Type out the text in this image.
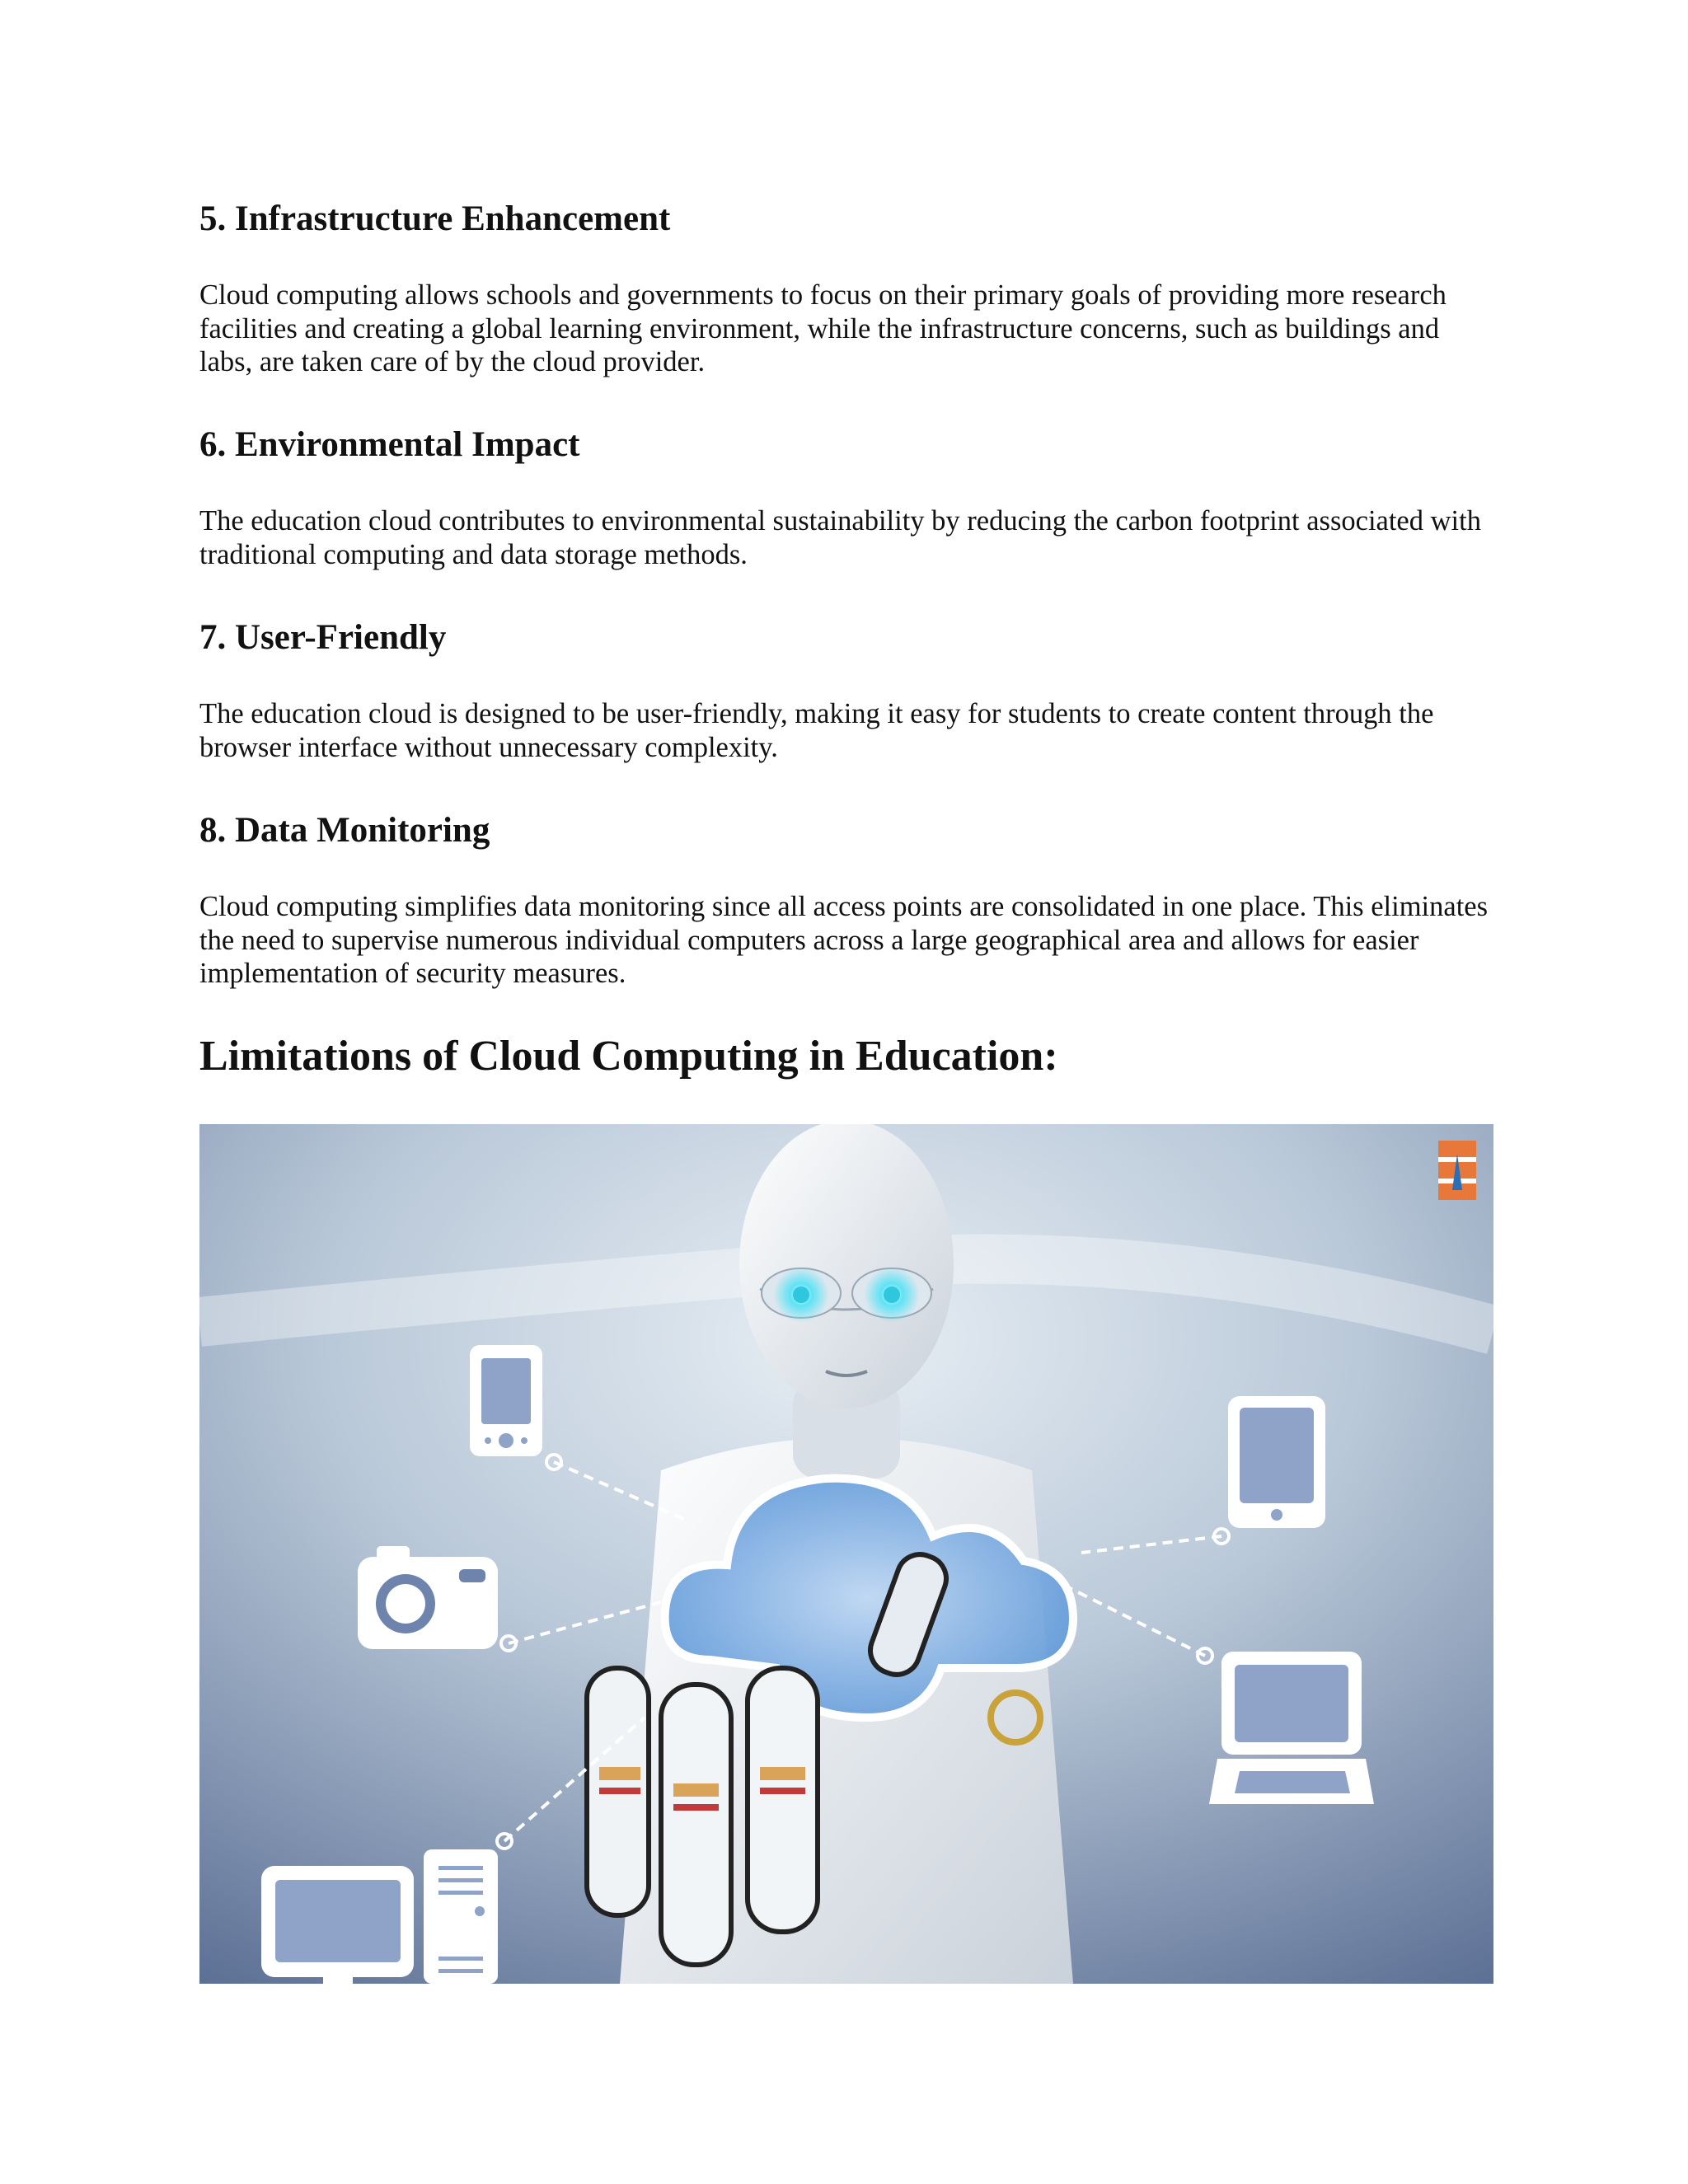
5. Infrastructure Enhancement

Cloud computing allows schools and governments to focus on their primary goals of providing more research facilities and creating a global learning environment, while the infrastructure concerns, such as buildings and labs, are taken care of by the cloud provider.

6. Environmental Impact

The education cloud contributes to environmental sustainability by reducing the carbon footprint associated with traditional computing and data storage methods.

7. User-Friendly

The education cloud is designed to be user-friendly, making it easy for students to create content through the browser interface without unnecessary complexity.

8. Data Monitoring

Cloud computing simplifies data monitoring since all access points are consolidated in one place. This eliminates the need to supervise numerous individual computers across a large geographical area and allows for easier implementation of security measures.

Limitations of Cloud Computing in Education:
